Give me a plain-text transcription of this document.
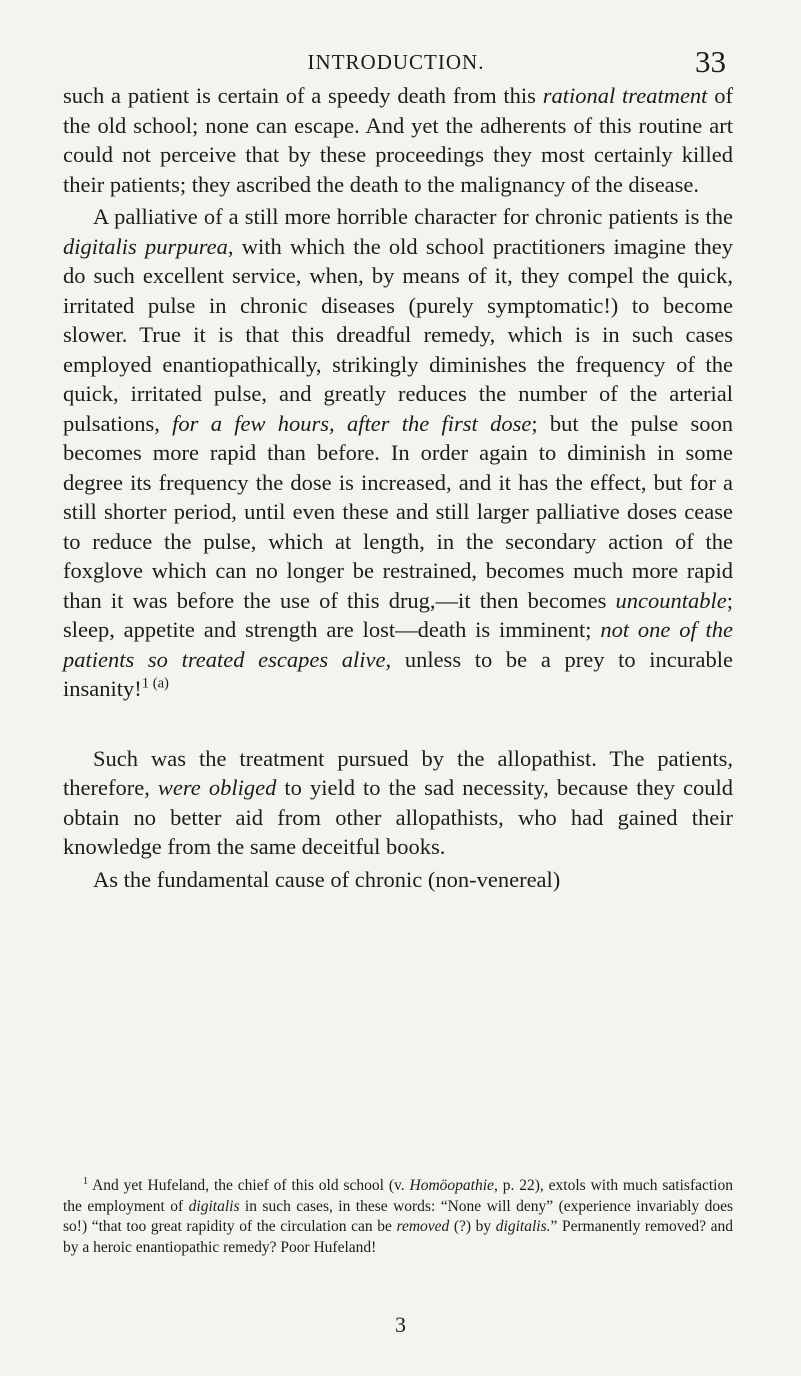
INTRODUCTION.	33

such a patient is certain of a speedy death from this rational treatment of the old school; none can escape. And yet the adherents of this routine art could not perceive that by these proceedings they most certainly killed their patients; they ascribed the death to the malignancy of the disease.

A palliative of a still more horrible character for chronic patients is the digitalis purpurea, with which the old school practitioners imagine they do such excellent service, when, by means of it, they compel the quick, irritated pulse in chronic diseases (purely symptomatic!) to become slower. True it is that this dreadful remedy, which is in such cases employed enantiopathically, strikingly diminishes the frequency of the quick, irritated pulse, and greatly reduces the number of the arterial pulsations, for a few hours, after the first dose; but the pulse soon becomes more rapid than before. In order again to diminish in some degree its frequency the dose is increased, and it has the effect, but for a still shorter period, until even these and still larger palliative doses cease to reduce the pulse, which at length, in the secondary action of the foxglove which can no longer be restrained, becomes much more rapid than it was before the use of this drug,—it then becomes uncountable; sleep, appetite and strength are lost—death is imminent; not one of the patients so treated escapes alive, unless to be a prey to incurable insanity!$^{1 (a)}$

Such was the treatment pursued by the allopathist. The patients, therefore, were obliged to yield to the sad necessity, because they could obtain no better aid from other allopathists, who had gained their knowledge from the same deceitful books.

As the fundamental cause of chronic (non-venereal)

$^1$ And yet Hufeland, the chief of this old school (v. Homöopathie, p. 22), extols with much satisfaction the employment of digitalis in such cases, in these words: “None will deny” (experience invariably does so!) “that too great rapidity of the circulation can be removed (?) by digitalis.” Permanently removed? and by a heroic enantiopathic remedy? Poor Hufeland!

3
